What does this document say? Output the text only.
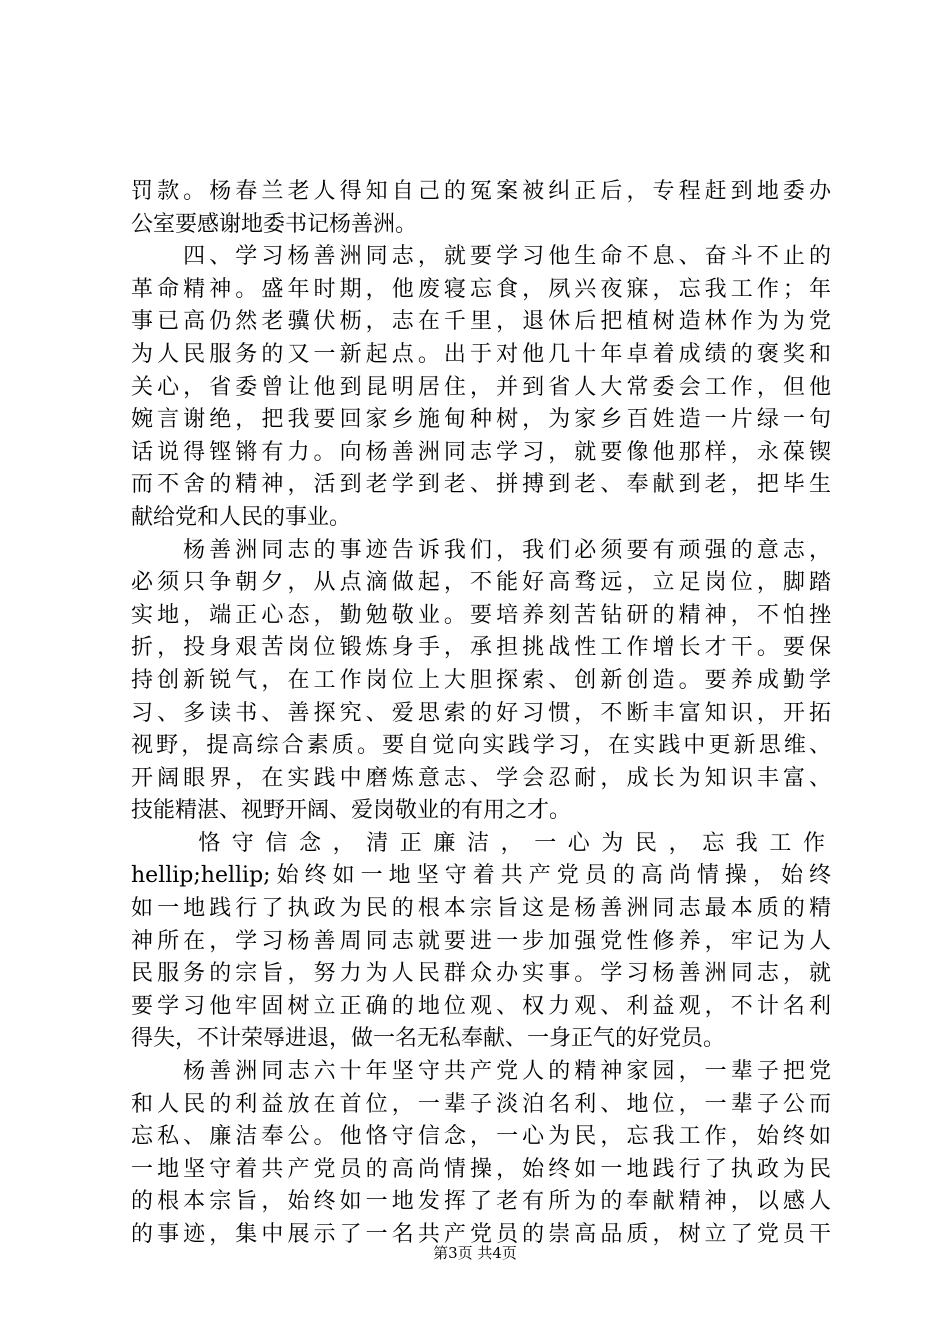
罚款。杨春兰老人得知自己的冤案被纠正后，专程赶到地委办
公室要感谢地委书记杨善洲。
　　四、学习杨善洲同志，就要学习他生命不息、奋斗不止的
革命精神。盛年时期，他废寝忘食，夙兴夜寐，忘我工作；年
事已高仍然老骥伏枥，志在千里，退休后把植树造林作为为党
为人民服务的又一新起点。出于对他几十年卓着成绩的褒奖和
关心，省委曾让他到昆明居住，并到省人大常委会工作，但他
婉言谢绝，把我要回家乡施甸种树，为家乡百姓造一片绿一句
话说得铿锵有力。向杨善洲同志学习，就要像他那样，永葆锲
而不舍的精神，活到老学到老、拼搏到老、奉献到老，把毕生
献给党和人民的事业。
　　杨善洲同志的事迹告诉我们，我们必须要有顽强的意志，
必须只争朝夕，从点滴做起，不能好高骛远，立足岗位，脚踏
实地，端正心态，勤勉敬业。要培养刻苦钻研的精神，不怕挫
折，投身艰苦岗位锻炼身手，承担挑战性工作增长才干。要保
持创新锐气，在工作岗位上大胆探索、创新创造。要养成勤学
习、多读书、善探究、爱思索的好习惯，不断丰富知识，开拓
视野，提高综合素质。要自觉向实践学习，在实践中更新思维、
开阔眼界，在实践中磨炼意志、学会忍耐，成长为知识丰富、
技能精湛、视野开阔、爱岗敬业的有用之才。
　　恪守信念，清正廉洁，一心为民，忘我工作
hellip;hellip;始终如一地坚守着共产党员的高尚情操，始终
如一地践行了执政为民的根本宗旨这是杨善洲同志最本质的精
神所在，学习杨善周同志就要进一步加强党性修养，牢记为人
民服务的宗旨，努力为人民群众办实事。学习杨善洲同志，就
要学习他牢固树立正确的地位观、权力观、利益观，不计名利
得失，不计荣辱进退，做一名无私奉献、一身正气的好党员。
　　杨善洲同志六十年坚守共产党人的精神家园，一辈子把党
和人民的利益放在首位，一辈子淡泊名利、地位，一辈子公而
忘私、廉洁奉公。他恪守信念，一心为民，忘我工作，始终如
一地坚守着共产党员的高尚情操，始终如一地践行了执政为民
的根本宗旨，始终如一地发挥了老有所为的奉献精神，以感人
的事迹，集中展示了一名共产党员的崇高品质，树立了党员干
第3页 共4页
